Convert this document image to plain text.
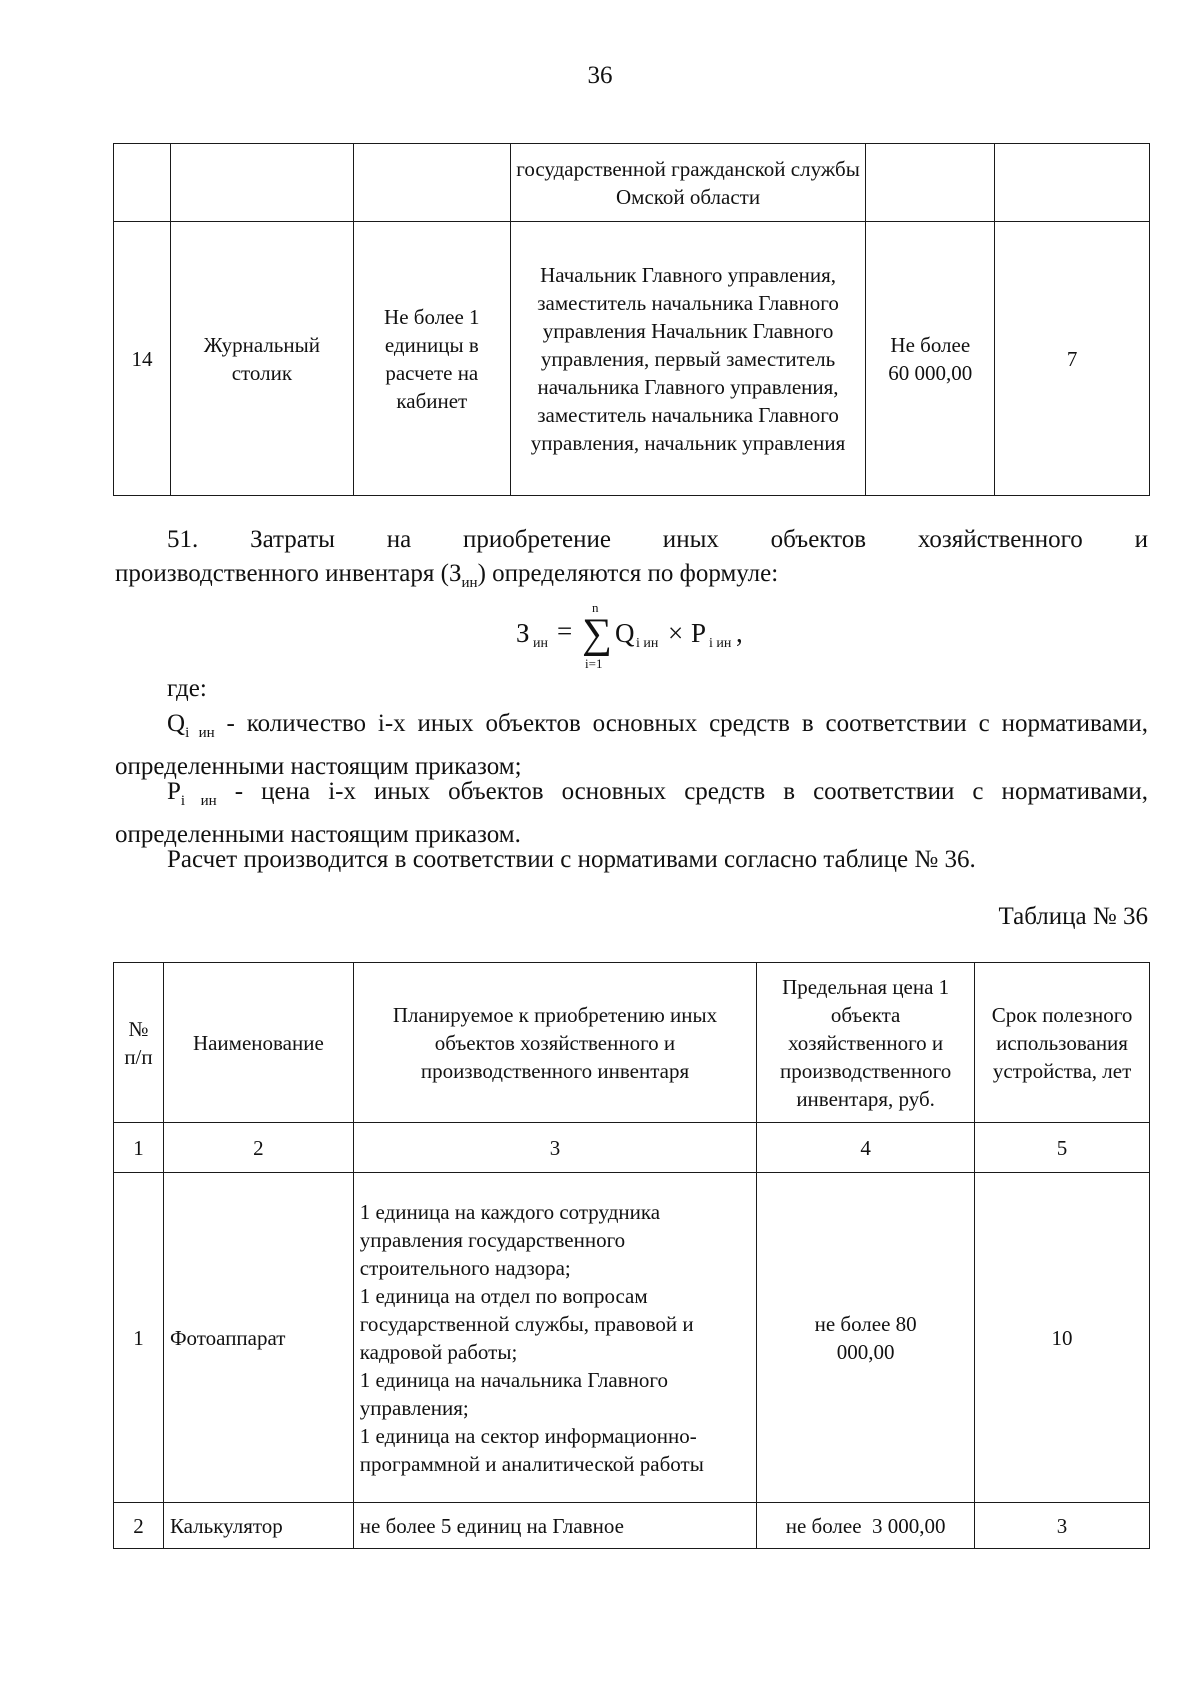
36
			государственной гражданской службы Омской области		
14	Журнальный столик	Не более 1 единицы в расчете на кабинет	Начальник Главного управления, заместитель начальника Главного управления Начальник Главного управления, первый заместитель начальника Главного управления, заместитель начальника Главного управления, начальник управления	Не более 60 000,00	7
51. Затраты на приобретение иных объектов хозяйственного и
производственного инвентаря $(З_{ин})$ определяются по формуле:
З ин =
n
∑
i=1
Q i ин × P i ин ,
где:
$Q_{i ин}$ - количество i-х иных объектов основных средств в соответствии с нормативами, определенными настоящим приказом;
$P_{i ин}$ - цена i-х иных объектов основных средств в соответствии с нормативами, определенными настоящим приказом.
Расчет производится в соответствии с нормативами согласно таблице № 36.
Таблица № 36
№ п/п	Наименование	Планируемое к приобретению иных объектов хозяйственного и производственного инвентаря	Предельная цена 1 объекта хозяйственного и производственного инвентаря, руб.	Срок полезного использования устройства, лет
1	2	3	4	5
1	Фотоаппарат	1 единица на каждого сотрудника управления государственного строительного надзора;
1 единица на отдел по вопросам государственной службы, правовой и кадровой работы;
1 единица на начальника Главного управления;
1 единица на сектор информационно-программной и аналитической работы	не более 80 000,00	10
2	Калькулятор	не более 5 единиц на Главное	не более  3 000,00	3
